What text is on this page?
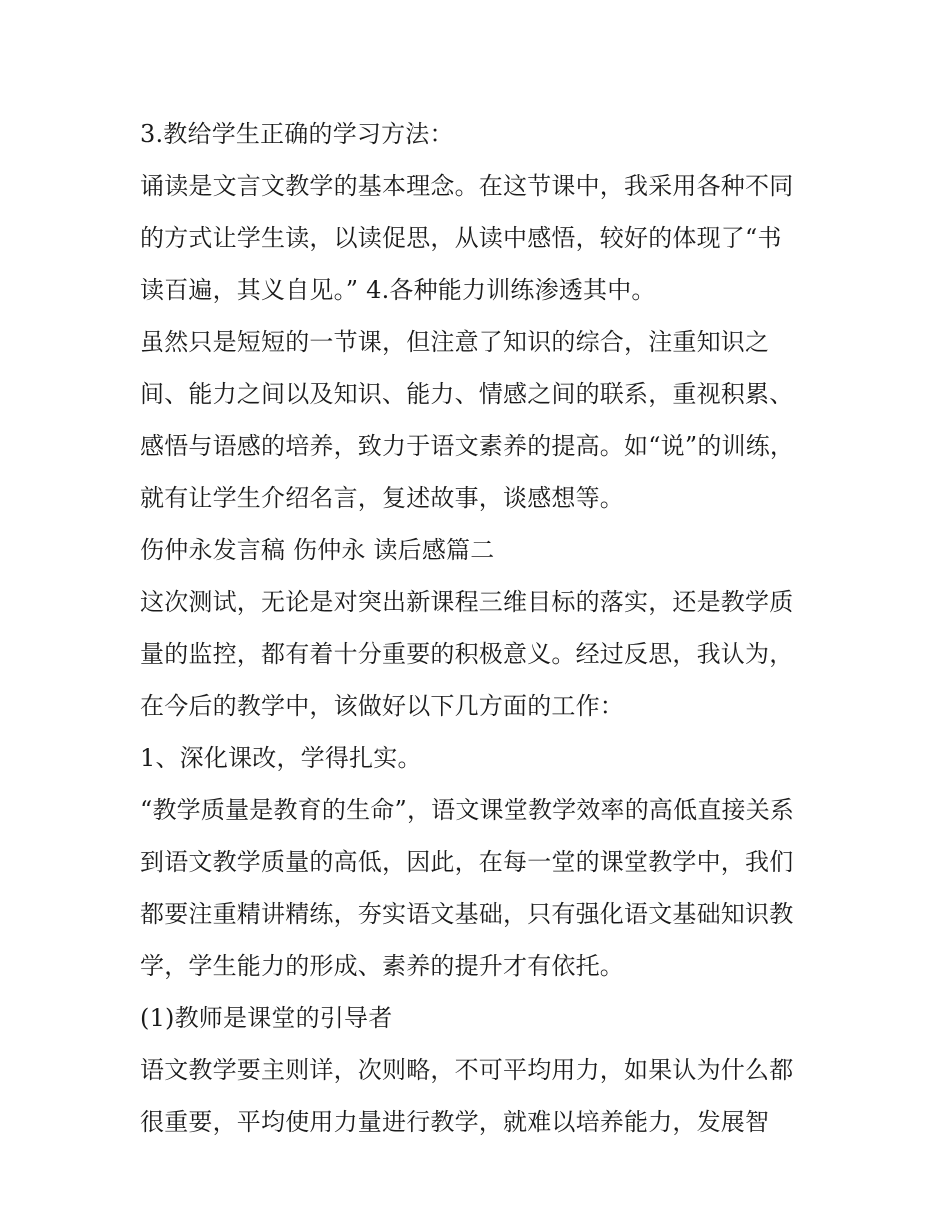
3.教给学生正确的学习方法：
诵读是文言文教学的基本理念。在这节课中，我采用各种不同
的方式让学生读，以读促思，从读中感悟，较好的体现了“书
读百遍，其义自见。” 4.各种能力训练渗透其中。
虽然只是短短的一节课，但注意了知识的综合，注重知识之
间、能力之间以及知识、能力、情感之间的联系，重视积累、
感悟与语感的培养，致力于语文素养的提高。如“说”的训练，
就有让学生介绍名言，复述故事，谈感想等。
伤仲永发言稿 伤仲永 读后感篇二
这次测试，无论是对突出新课程三维目标的落实，还是教学质
量的监控，都有着十分重要的积极意义。经过反思，我认为，
在今后的教学中，该做好以下几方面的工作：
1、深化课改，学得扎实。
“教学质量是教育的生命”，语文课堂教学效率的高低直接关系
到语文教学质量的高低，因此，在每一堂的课堂教学中，我们
都要注重精讲精练，夯实语文基础，只有强化语文基础知识教
学，学生能力的形成、素养的提升才有依托。
(1)教师是课堂的引导者
语文教学要主则详，次则略，不可平均用力，如果认为什么都
很重要，平均使用力量进行教学，就难以培养能力，发展智
